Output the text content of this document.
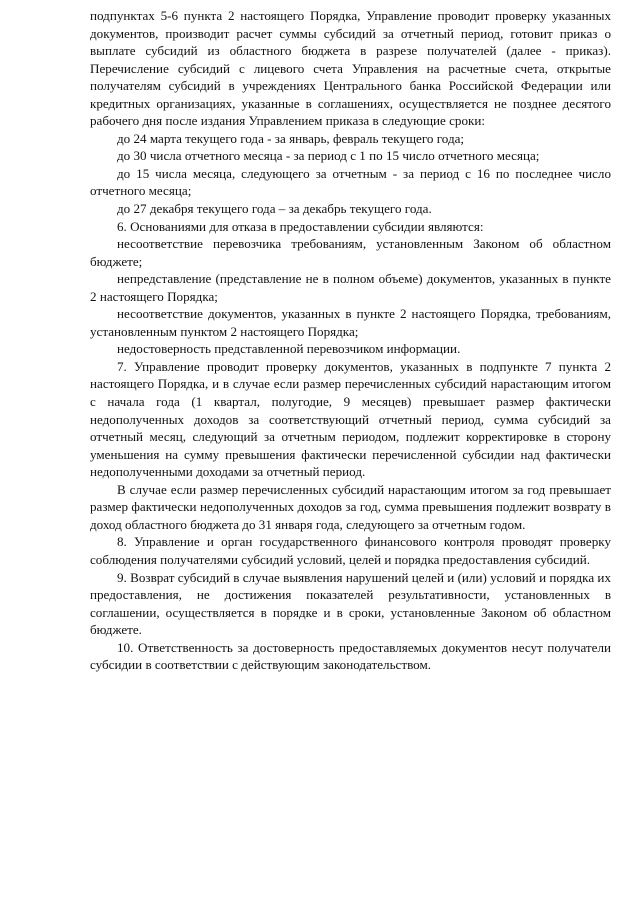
подпунктах 5-6 пункта 2 настоящего Порядка, Управление проводит проверку указанных документов, производит расчет суммы субсидий за отчетный период, готовит приказ о выплате субсидий из областного бюджета в разрезе получателей (далее - приказ). Перечисление субсидий с лицевого счета Управления на расчетные счета, открытые получателям субсидий в учреждениях Центрального банка Российской Федерации или кредитных организациях, указанные в соглашениях, осуществляется не позднее десятого рабочего дня после издания Управлением приказа в следующие сроки:

до 24 марта текущего года - за январь, февраль текущего года;

до 30 числа отчетного месяца - за период с 1 по 15 число отчетного месяца;

до 15 числа месяца, следующего за отчетным - за период с 16 по последнее число отчетного месяца;

до 27 декабря текущего года – за декабрь текущего года.

6. Основаниями для отказа в предоставлении субсидии являются:

несоответствие перевозчика требованиям, установленным Законом об областном бюджете;

непредставление (представление не в полном объеме) документов, указанных в пункте 2 настоящего Порядка;

несоответствие документов, указанных в пункте 2 настоящего Порядка, требованиям, установленным пунктом 2 настоящего Порядка;

недостоверность представленной перевозчиком информации.

7. Управление проводит проверку документов, указанных в подпункте 7 пункта 2 настоящего Порядка, и в случае если размер перечисленных субсидий нарастающим итогом с начала года (1 квартал, полугодие, 9 месяцев) превышает размер фактически недополученных доходов за соответствующий отчетный период, сумма субсидий за отчетный месяц, следующий за отчетным периодом, подлежит корректировке в сторону уменьшения на сумму превышения фактически перечисленной субсидии над фактически недополученными доходами за отчетный период.

В случае если размер перечисленных субсидий нарастающим итогом за год превышает размер фактически недополученных доходов за год, сумма превышения подлежит возврату в доход областного бюджета до 31 января года, следующего за отчетным годом.

8. Управление и орган государственного финансового контроля проводят проверку соблюдения получателями субсидий условий, целей и порядка предоставления субсидий.

9. Возврат субсидий в случае выявления нарушений целей и (или) условий и порядка их предоставления, не достижения показателей результативности, установленных в соглашении, осуществляется в порядке и в сроки, установленные Законом об областном бюджете.

10. Ответственность за достоверность предоставляемых документов несут получатели субсидии в соответствии с действующим законодательством.
